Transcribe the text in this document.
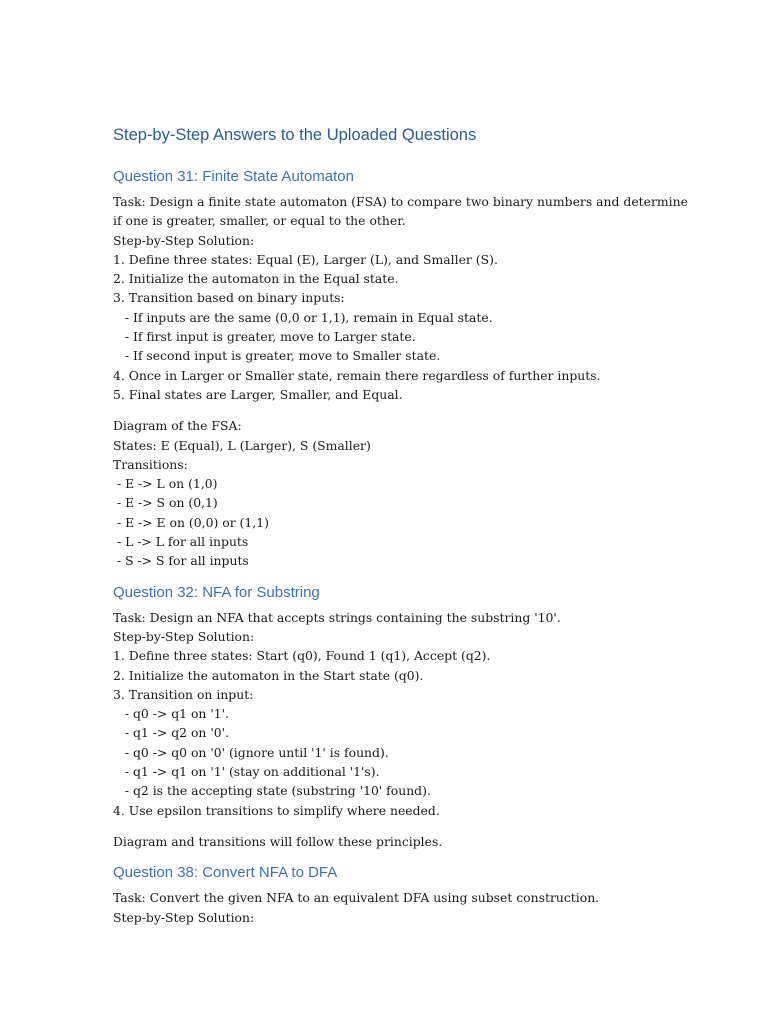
Step-by-Step Answers to the Uploaded Questions
Question 31: Finite State Automaton
Task: Design a finite state automaton (FSA) to compare two binary numbers and determine
if one is greater, smaller, or equal to the other.
Step-by-Step Solution:
1. Define three states: Equal (E), Larger (L), and Smaller (S).
2. Initialize the automaton in the Equal state.
3. Transition based on binary inputs:
- If inputs are the same (0,0 or 1,1), remain in Equal state.
- If first input is greater, move to Larger state.
- If second input is greater, move to Smaller state.
4. Once in Larger or Smaller state, remain there regardless of further inputs.
5. Final states are Larger, Smaller, and Equal.
Diagram of the FSA:
States: E (Equal), L (Larger), S (Smaller)
Transitions:
- E -> L on (1,0)
- E -> S on (0,1)
- E -> E on (0,0) or (1,1)
- L -> L for all inputs
- S -> S for all inputs
Question 32: NFA for Substring
Task: Design an NFA that accepts strings containing the substring '10'.
Step-by-Step Solution:
1. Define three states: Start (q0), Found 1 (q1), Accept (q2).
2. Initialize the automaton in the Start state (q0).
3. Transition on input:
- q0 -> q1 on '1'.
- q1 -> q2 on '0'.
- q0 -> q0 on '0' (ignore until '1' is found).
- q1 -> q1 on '1' (stay on additional '1's).
- q2 is the accepting state (substring '10' found).
4. Use epsilon transitions to simplify where needed.
Diagram and transitions will follow these principles.
Question 38: Convert NFA to DFA
Task: Convert the given NFA to an equivalent DFA using subset construction.
Step-by-Step Solution:
